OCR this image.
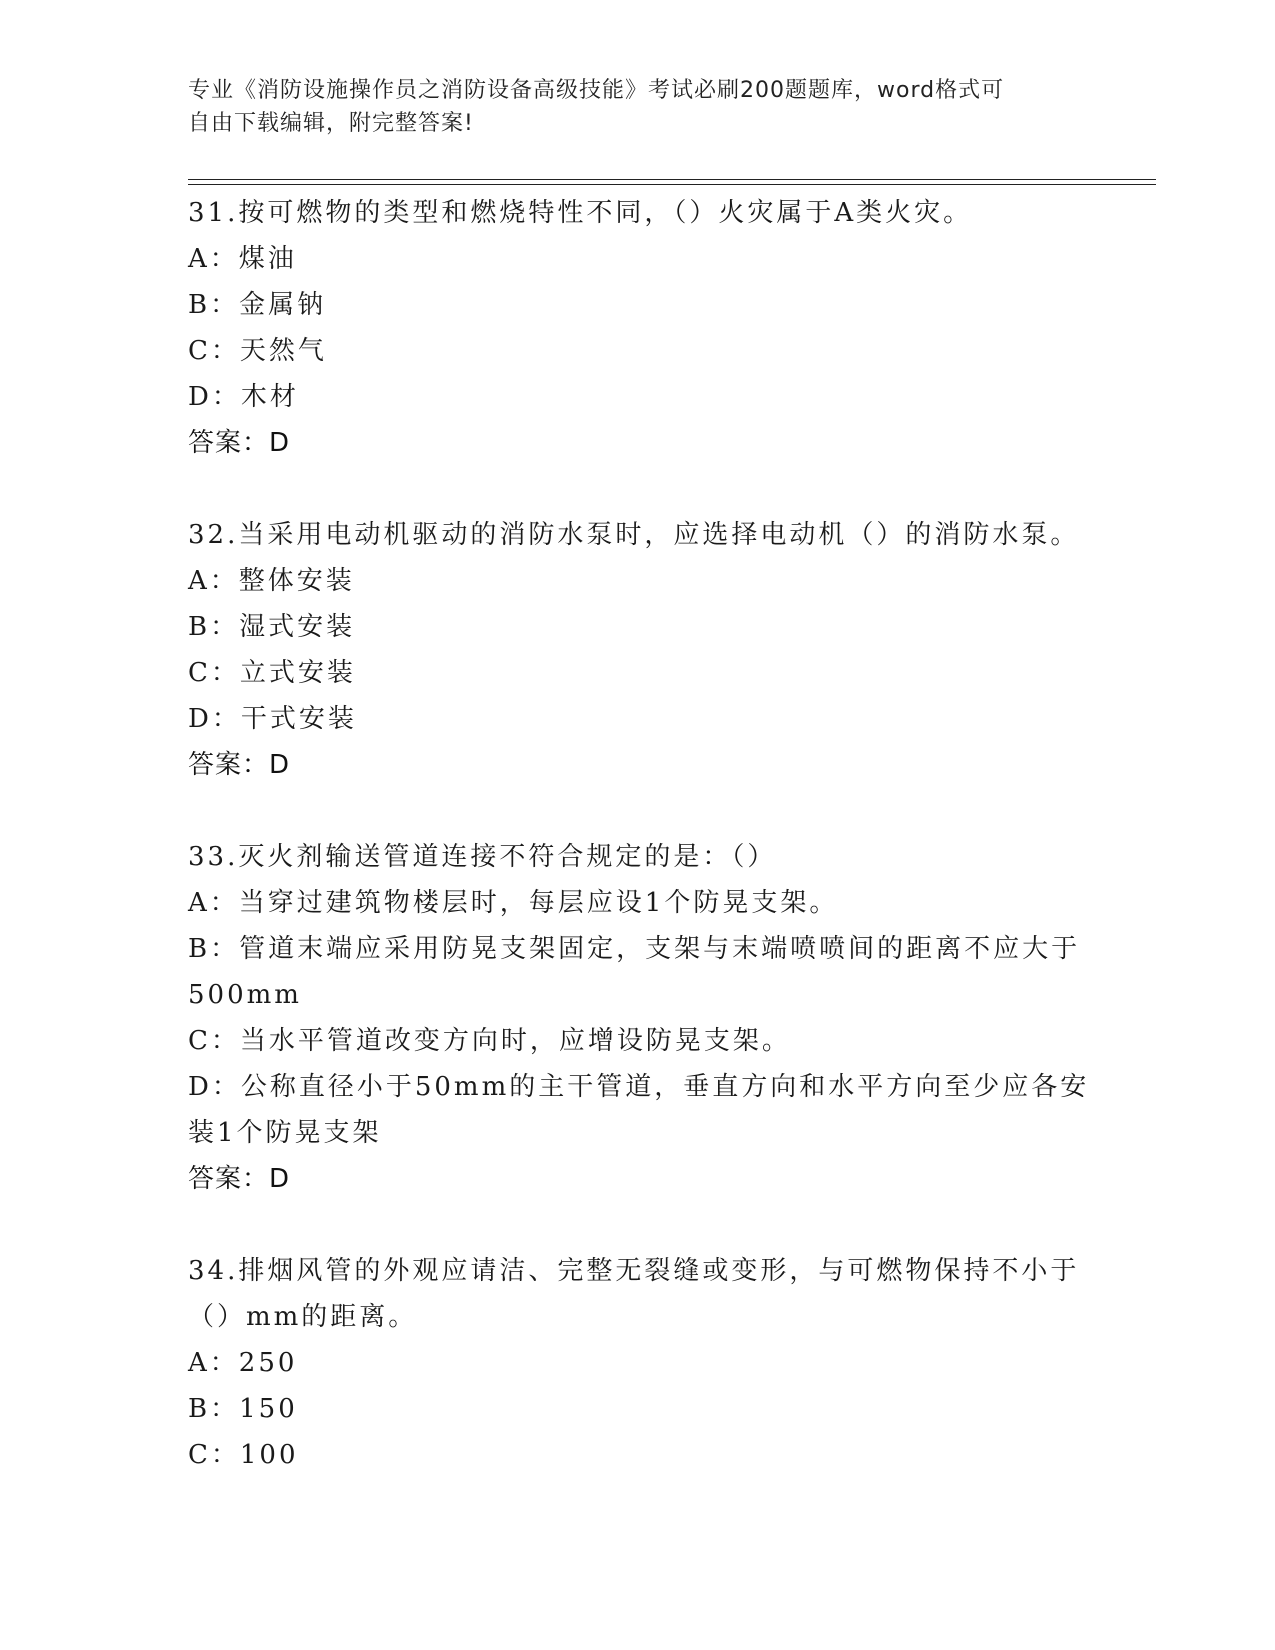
专业《消防设施操作员之消防设备高级技能》考试必刷200题题库，word格式可
自由下载编辑，附完整答案!
31.按可燃物的类型和燃烧特性不同，（）火灾属于A类火灾。
A：煤油
B：金属钠
C：天然气
D：木材
答案：D
32.当采用电动机驱动的消防水泵时，应选择电动机（）的消防水泵。
A：整体安装
B：湿式安装
C：立式安装
D：干式安装
答案：D
33.灭火剂输送管道连接不符合规定的是：（）
A：当穿过建筑物楼层时，每层应设1个防晃支架。
B：管道末端应采用防晃支架固定，支架与末端喷喷间的距离不应大于
500mm
C：当水平管道改变方向时，应增设防晃支架。
D：公称直径小于50mm的主干管道，垂直方向和水平方向至少应各安
装1个防晃支架
答案：D
34.排烟风管的外观应请洁、完整无裂缝或变形，与可燃物保持不小于
（）mm的距离。
A：250
B：150
C：100
